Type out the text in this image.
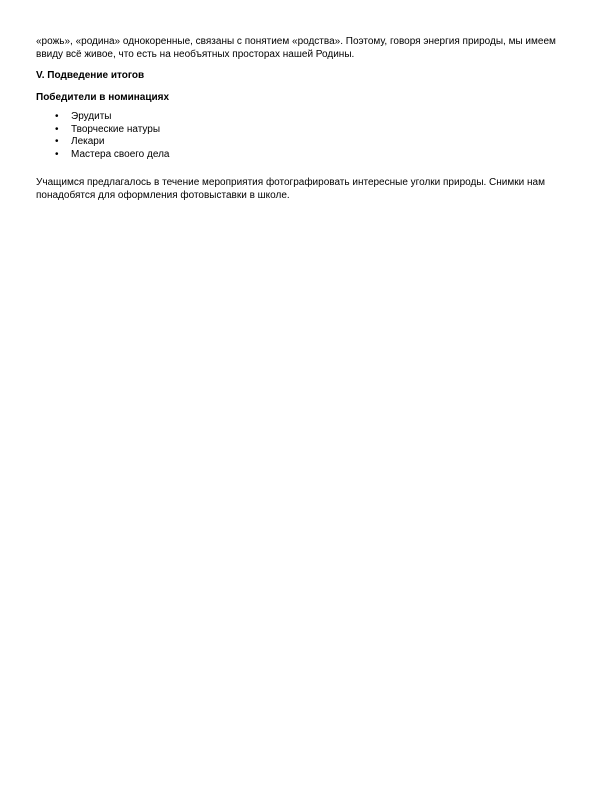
«рожь», «родина» однокоренные, связаны с понятием «родства». Поэтому, говоря энергия природы, мы имеем
ввиду всё живое, что есть на необъятных просторах нашей Родины.

V. Подведение итогов

Победители в номинациях

• Эрудиты
• Творческие натуры
• Лекари
• Мастера своего дела

Учащимся предлагалось в течение мероприятия фотографировать интересные уголки природы. Снимки нам
понадобятся для оформления фотовыставки в школе.
